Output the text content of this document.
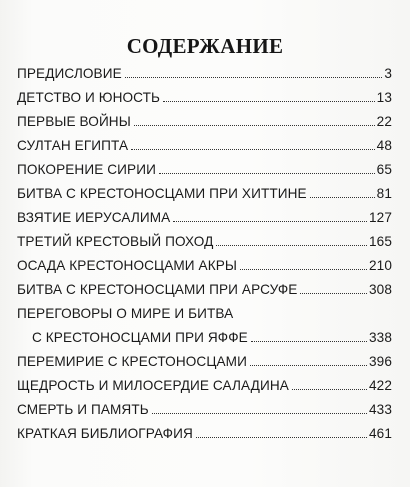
СОДЕРЖАНИЕ
ПРЕДИСЛОВИЕ	3
ДЕТСТВО И ЮНОСТЬ	13
ПЕРВЫЕ ВОЙНЫ	22
СУЛТАН ЕГИПТА	48
ПОКОРЕНИЕ СИРИИ	65
БИТВА С КРЕСТОНОСЦАМИ ПРИ ХИТТИНЕ	81
ВЗЯТИЕ ИЕРУСАЛИМА	127
ТРЕТИЙ КРЕСТОВЫЙ ПОХОД	165
ОСАДА КРЕСТОНОСЦАМИ АКРЫ	210
БИТВА С КРЕСТОНОСЦАМИ ПРИ АРСУФЕ	308
ПЕРЕГОВОРЫ О МИРЕ И БИТВА
С КРЕСТОНОСЦАМИ ПРИ ЯФФЕ	338
ПЕРЕМИРИЕ С КРЕСТОНОСЦАМИ	396
ЩЕДРОСТЬ И МИЛОСЕРДИЕ САЛАДИНА	422
СМЕРТЬ И ПАМЯТЬ	433
КРАТКАЯ БИБЛИОГРАФИЯ	461
